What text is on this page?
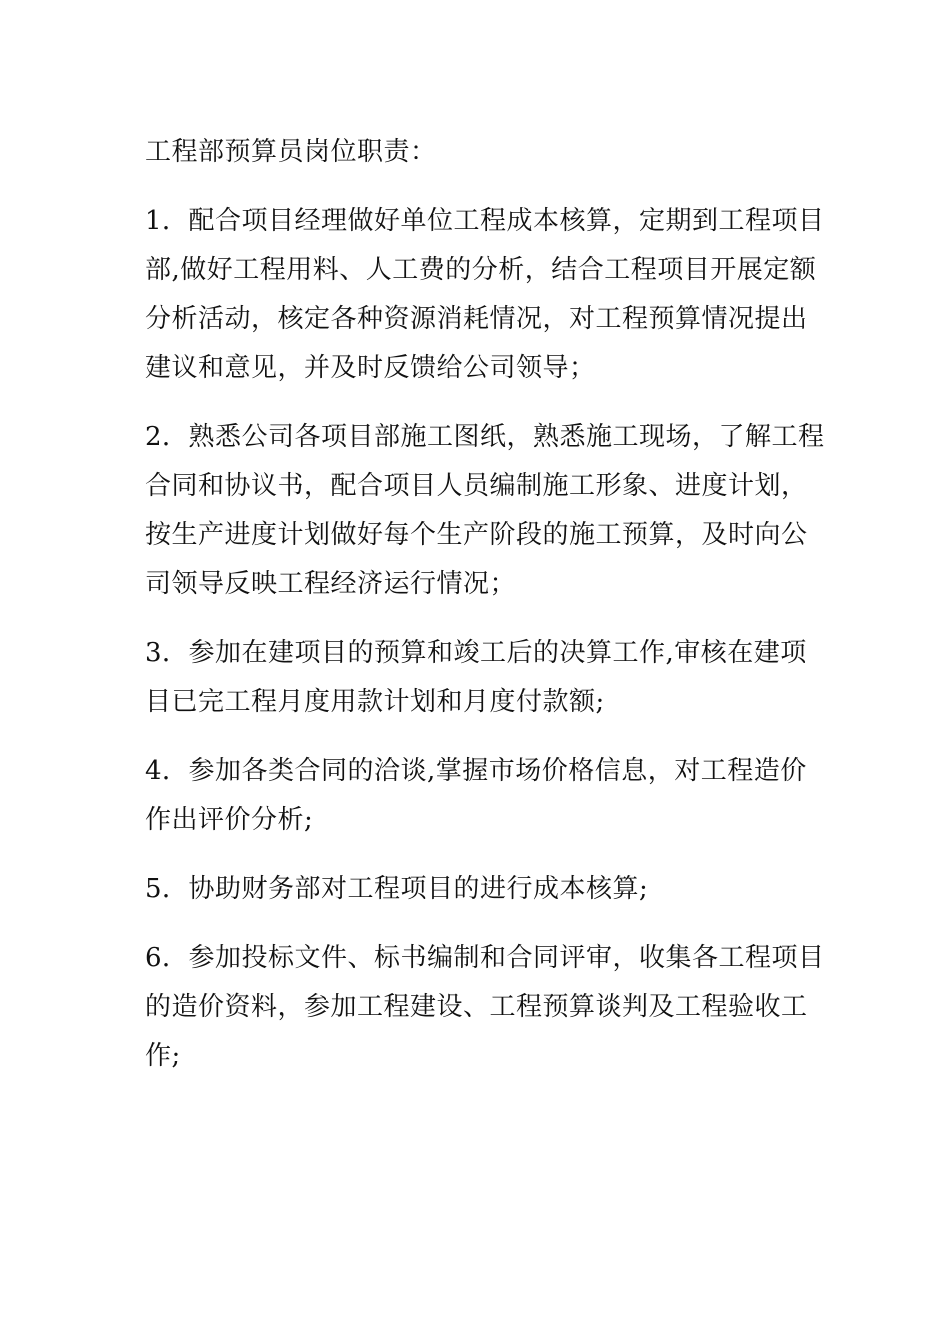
工程部预算员岗位职责：

1．配合项目经理做好单位工程成本核算，定期到工程项目

部,做好工程用料、人工费的分析，结合工程项目开展定额

分析活动，核定各种资源消耗情况，对工程预算情况提出

建议和意见，并及时反馈给公司领导；

2．熟悉公司各项目部施工图纸，熟悉施工现场，了解工程

合同和协议书，配合项目人员编制施工形象、进度计划，

按生产进度计划做好每个生产阶段的施工预算，及时向公

司领导反映工程经济运行情况；

3．参加在建项目的预算和竣工后的决算工作,审核在建项

目已完工程月度用款计划和月度付款额;

4．参加各类合同的洽谈,掌握市场价格信息，对工程造价

作出评价分析;

5．协助财务部对工程项目的进行成本核算;

6．参加投标文件、标书编制和合同评审，收集各工程项目

的造价资料，参加工程建设、工程预算谈判及工程验收工

作;
